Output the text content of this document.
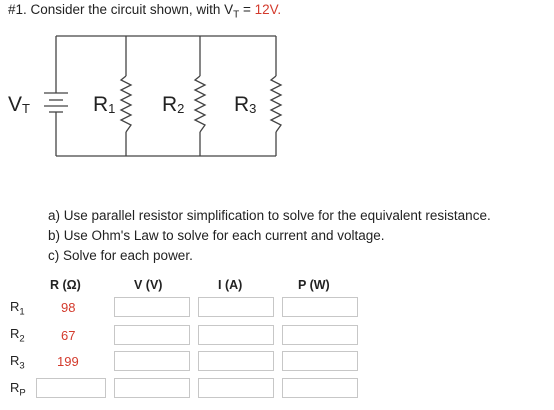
#1. Consider the circuit shown, with $V_T = 12V$.
VT	R1 R2 R3
a) Use parallel resistor simplification to solve for the equivalent resistance.
b) Use Ohm's Law to solve for each current and voltage.
c) Solve for each power.
R (Ω)	V (V)	I (A)	P (W)
$R_1$	98
$R_2$	67
$R_3$ 199
$R_P$
